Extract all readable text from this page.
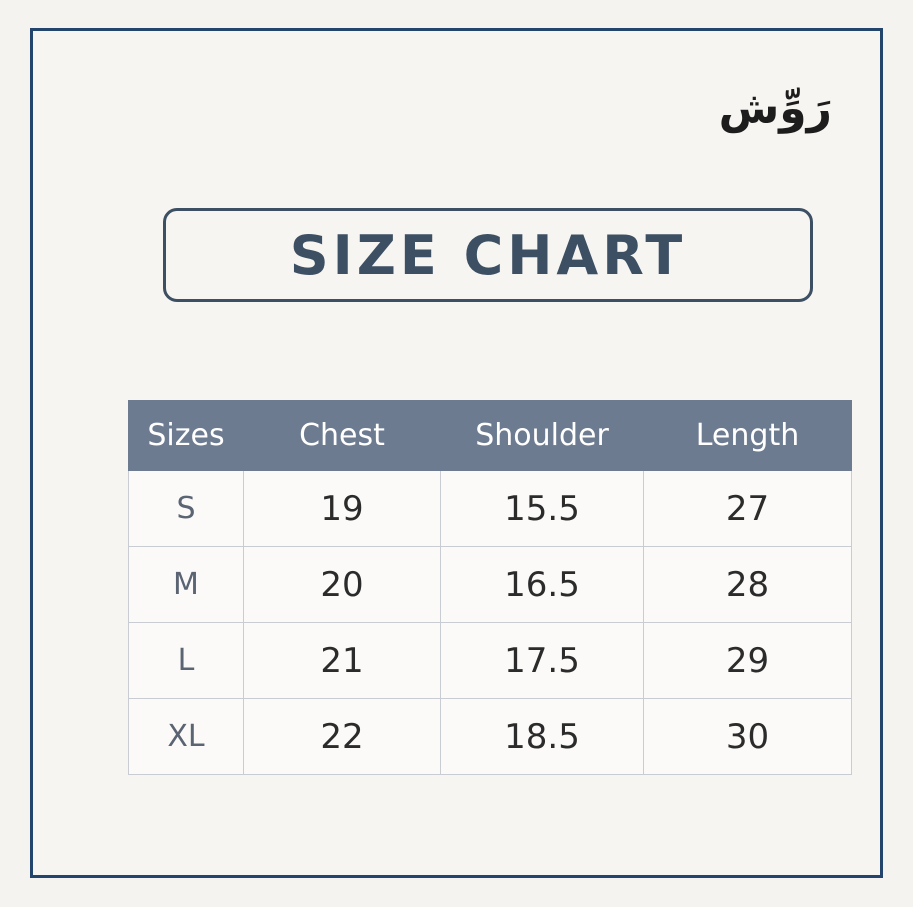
رَوِّش
SIZE CHART
Sizes	Chest	Shoulder	Length
S	19	15.5	27
M	20	16.5	28
L	21	17.5	29
XL	22	18.5	30
